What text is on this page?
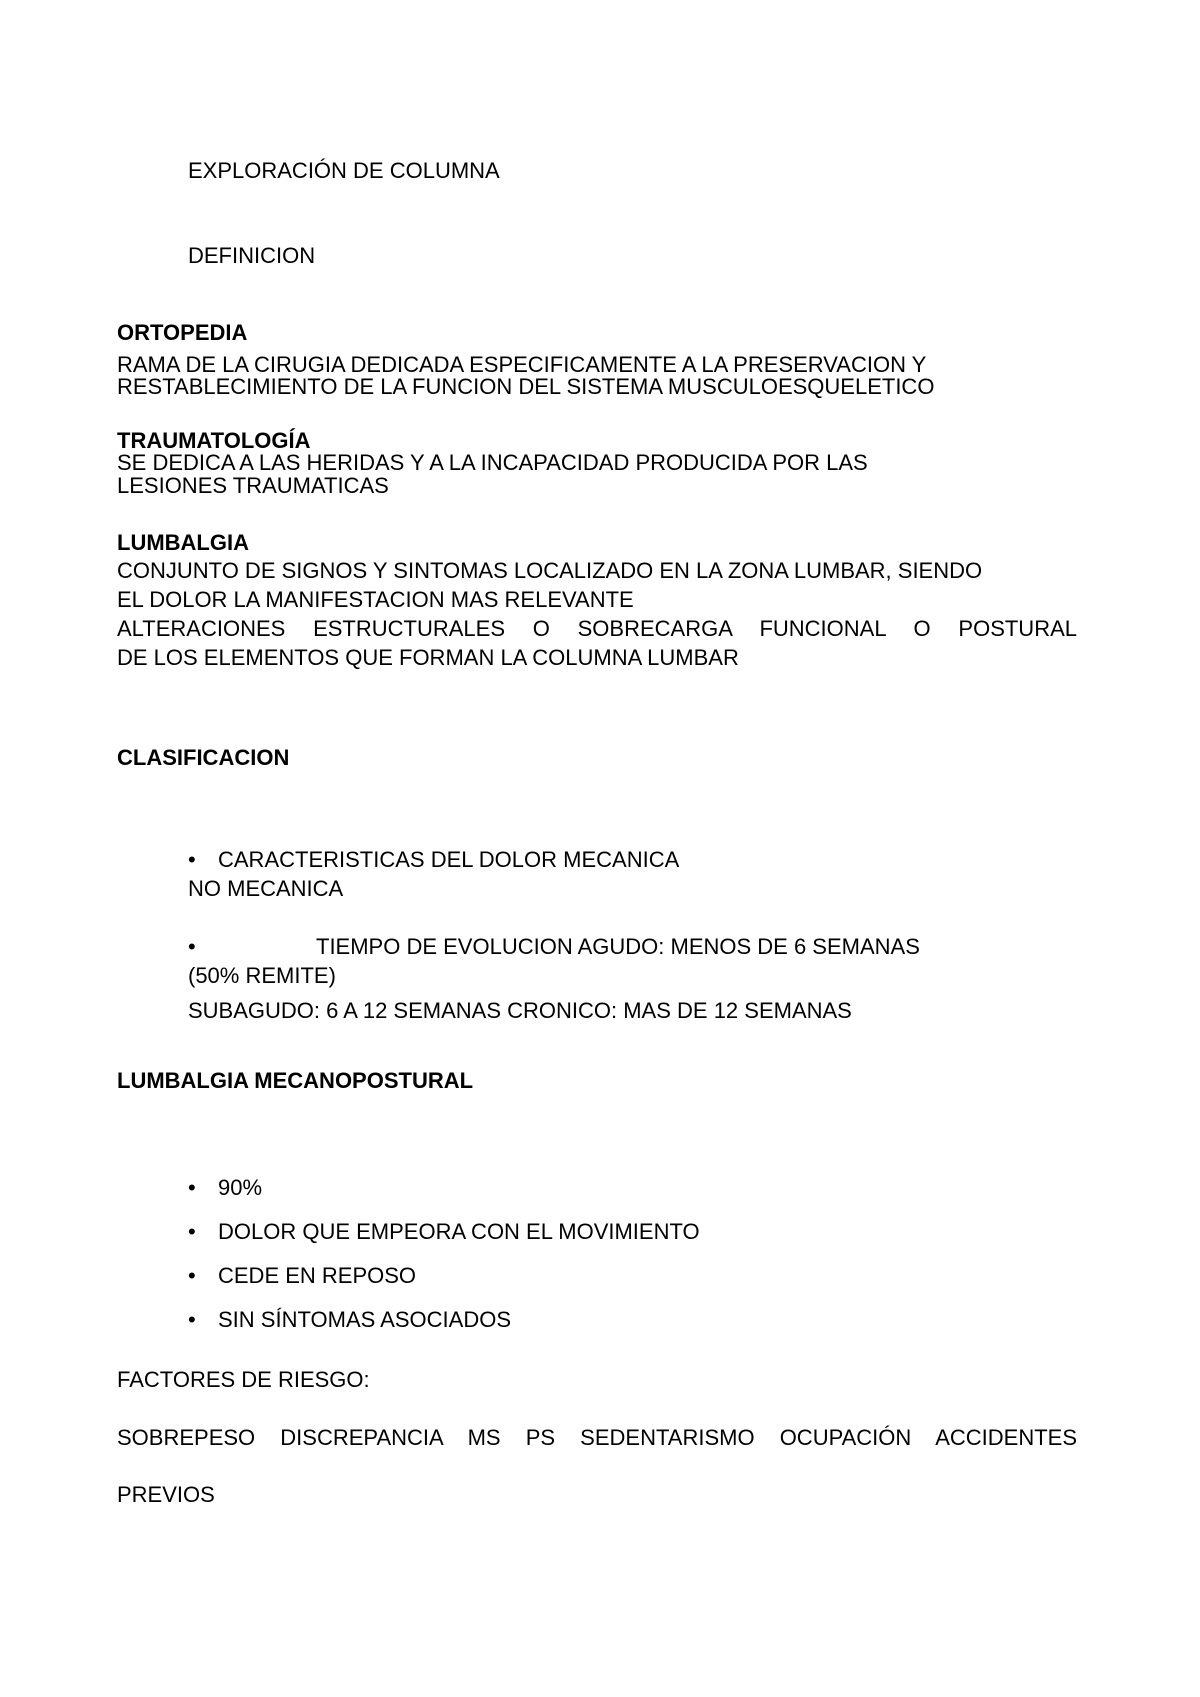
EXPLORACIÓN DE COLUMNA
DEFINICION
ORTOPEDIA
RAMA DE LA CIRUGIA DEDICADA ESPECIFICAMENTE A LA PRESERVACION Y
RESTABLECIMIENTO DE LA FUNCION DEL SISTEMA MUSCULOESQUELETICO
TRAUMATOLOGÍA
SE DEDICA A LAS HERIDAS Y A LA INCAPACIDAD PRODUCIDA POR LAS
LESIONES TRAUMATICAS
LUMBALGIA
CONJUNTO DE SIGNOS Y SINTOMAS LOCALIZADO EN LA ZONA LUMBAR, SIENDO
EL DOLOR LA MANIFESTACION MAS RELEVANTE
ALTERACIONES ESTRUCTURALES O SOBRECARGA FUNCIONAL O POSTURAL
DE LOS ELEMENTOS QUE FORMAN LA COLUMNA LUMBAR
CLASIFICACION
• CARACTERISTICAS DEL DOLOR MECANICA
NO MECANICA
•	TIEMPO DE EVOLUCION AGUDO: MENOS DE 6 SEMANAS
(50% REMITE)
SUBAGUDO: 6 A 12 SEMANAS CRONICO: MAS DE 12 SEMANAS
LUMBALGIA MECANOPOSTURAL
• 90%
• DOLOR QUE EMPEORA CON EL MOVIMIENTO
• CEDE EN REPOSO
• SIN SÍNTOMAS ASOCIADOS
FACTORES DE RIESGO:
SOBREPESO DISCREPANCIA MS PS SEDENTARISMO OCUPACIÓN ACCIDENTES
PREVIOS
